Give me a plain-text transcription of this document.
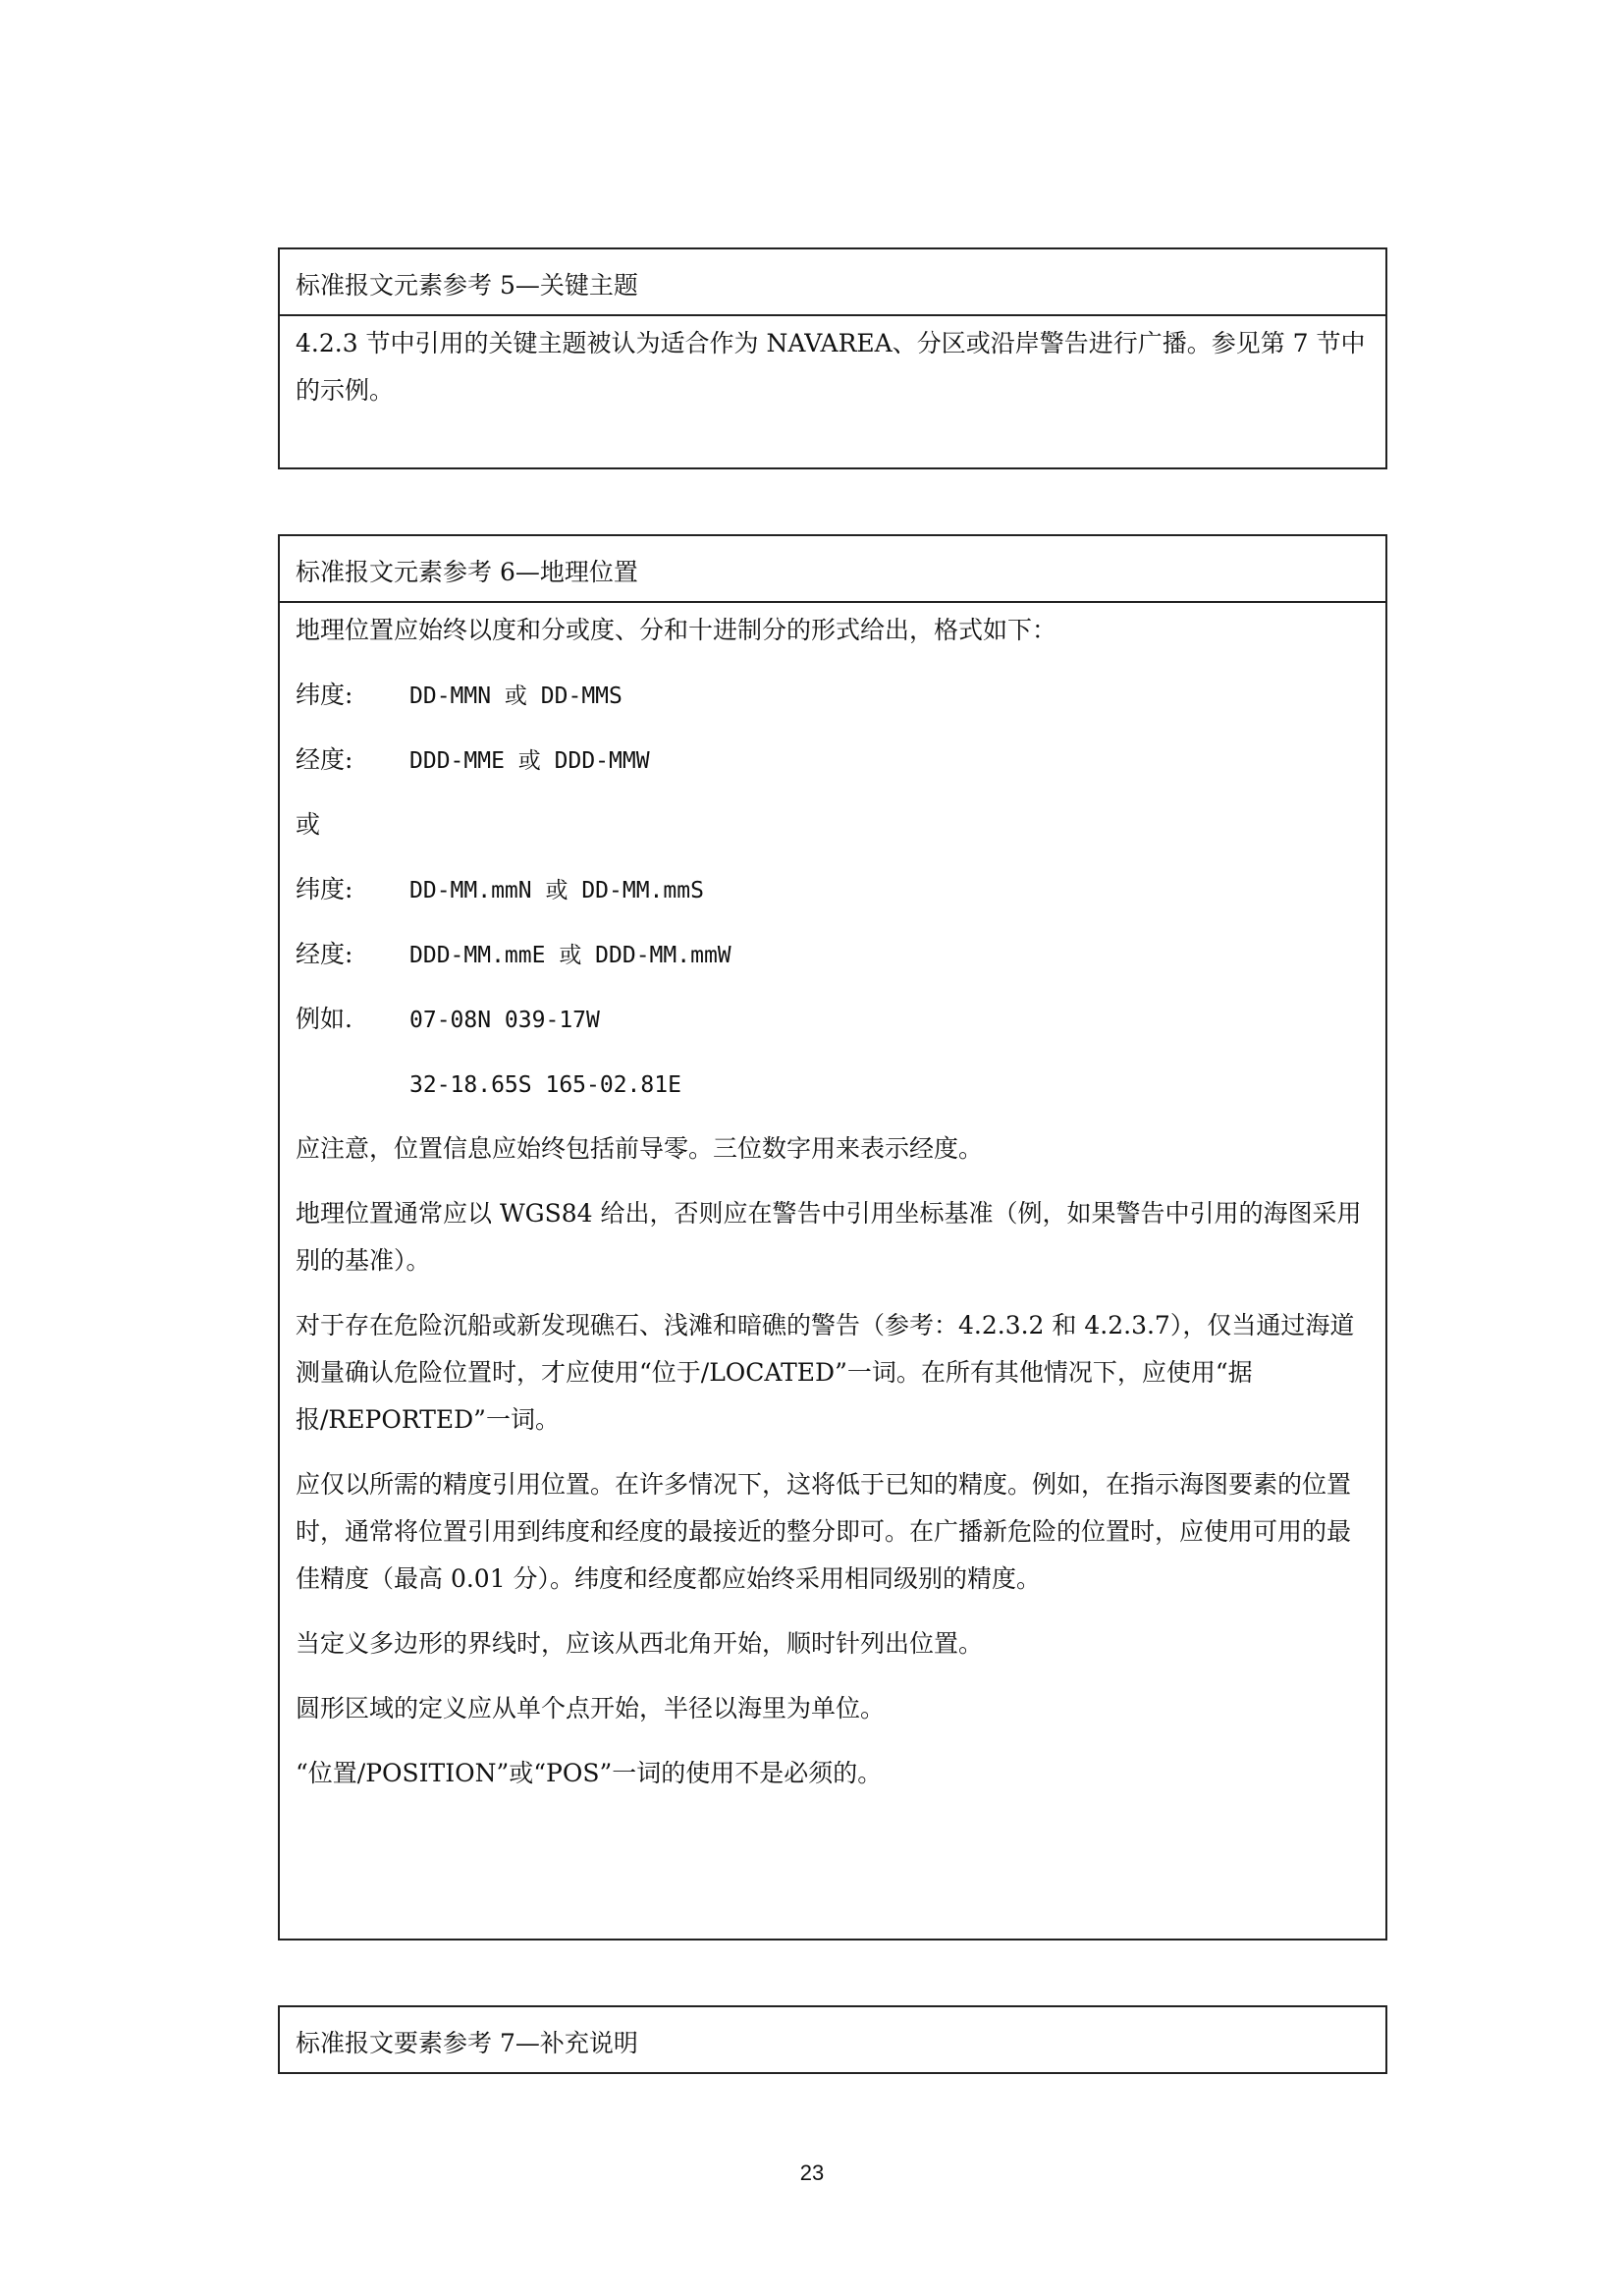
标准报文元素参考 5—关键主题

4.2.3 节中引用的关键主题被认为适合作为 NAVAREA、分区或沿岸警告进行广播。参见第 7 节中的示例。

标准报文元素参考 6—地理位置
地理位置应始终以度和分或度、分和十进制分的形式给出，格式如下：
纬度:	DD-MMN 或 DD-MMS
经度:	DDD-MME 或 DDD-MMW
或
纬度:	DD-MM.mmN 或 DD-MM.mmS
经度:	DDD-MM.mmE 或 DDD-MM.mmW
例如.	07-08N 039-17W
32-18.65S 165-02.81E

应注意，位置信息应始终包括前导零。三位数字用来表示经度。

地理位置通常应以 WGS84 给出，否则应在警告中引用坐标基准（例，如果警告中引用的海图采用别的基准）。

对于存在危险沉船或新发现礁石、浅滩和暗礁的警告（参考：4.2.3.2 和 4.2.3.7），仅当通过海道测量确认危险位置时，才应使用“位于/LOCATED”一词。在所有其他情况下，应使用“据报/REPORTED”一词。

应仅以所需的精度引用位置。在许多情况下，这将低于已知的精度。例如，在指示海图要素的位置时，通常将位置引用到纬度和经度的最接近的整分即可。在广播新危险的位置时，应使用可用的最佳精度（最高 0.01 分）。纬度和经度都应始终采用相同级别的精度。

当定义多边形的界线时，应该从西北角开始，顺时针列出位置。

圆形区域的定义应从单个点开始，半径以海里为单位。

“位置/POSITION”或“POS”一词的使用不是必须的。

标准报文要素参考 7—补充说明
23
